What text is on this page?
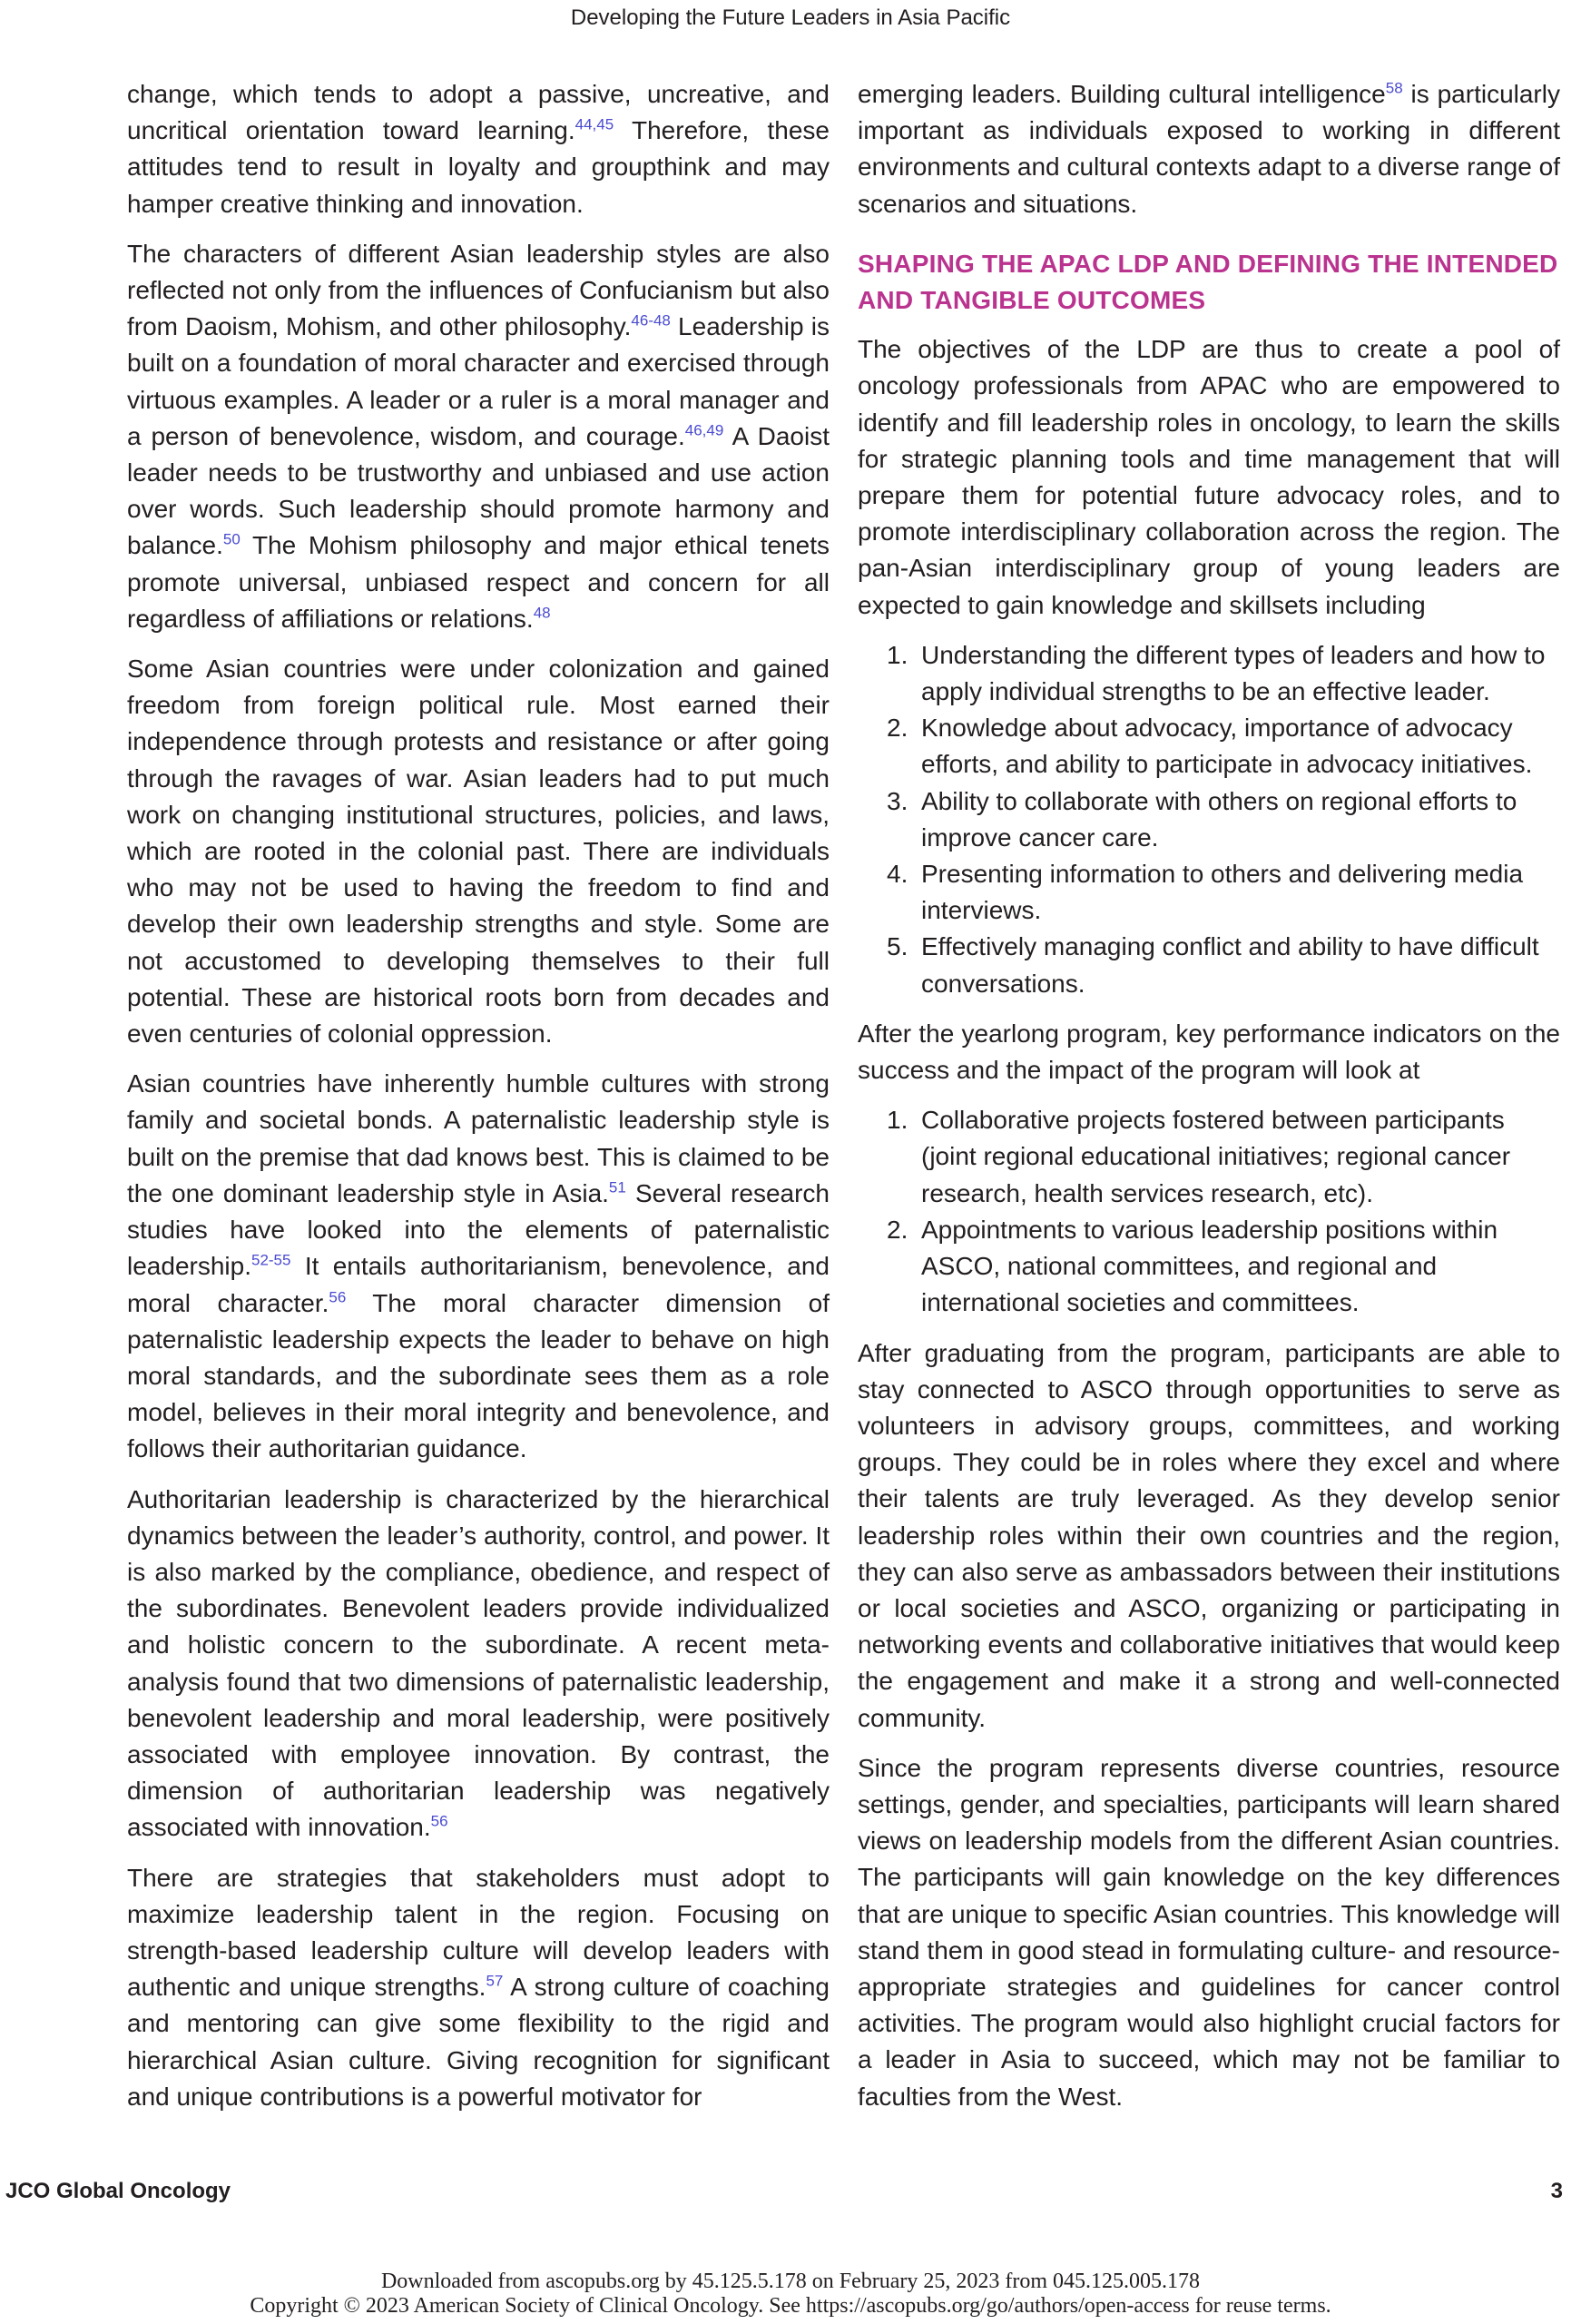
Developing the Future Leaders in Asia Pacific

change, which tends to adopt a passive, uncreative, and uncritical orientation toward learning.$^{44,45}$ Therefore, these attitudes tend to result in loyalty and groupthink and may hamper creative thinking and innovation.

The characters of different Asian leadership styles are also reflected not only from the influences of Confucianism but also from Daoism, Mohism, and other philosophy.$^{46-48}$ Leadership is built on a foundation of moral character and exercised through virtuous examples. A leader or a ruler is a moral manager and a person of benevolence, wisdom, and courage.$^{46,49}$ A Daoist leader needs to be trustworthy and unbiased and use action over words. Such leadership should promote harmony and balance.$^{50}$ The Mohism philosophy and major ethical tenets promote universal, unbiased respect and concern for all regardless of affiliations or relations.$^{48}$

Some Asian countries were under colonization and gained freedom from foreign political rule. Most earned their independence through protests and resistance or after going through the ravages of war. Asian leaders had to put much work on changing institutional structures, policies, and laws, which are rooted in the colonial past. There are individuals who may not be used to having the freedom to find and develop their own leadership strengths and style. Some are not accustomed to developing themselves to their full potential. These are historical roots born from decades and even centuries of colonial oppression.

Asian countries have inherently humble cultures with strong family and societal bonds. A paternalistic leadership style is built on the premise that dad knows best. This is claimed to be the one dominant leadership style in Asia.$^{51}$ Several research studies have looked into the elements of paternalistic leadership.$^{52-55}$ It entails authoritarianism, benevolence, and moral character.$^{56}$ The moral character dimension of paternalistic leadership expects the leader to behave on high moral standards, and the subordinate sees them as a role model, believes in their moral integrity and benevolence, and follows their authoritarian guidance.

Authoritarian leadership is characterized by the hierarchical dynamics between the leader’s authority, control, and power. It is also marked by the compliance, obedience, and respect of the subordinates. Benevolent leaders provide individualized and holistic concern to the subordinate. A recent meta-analysis found that two dimensions of paternalistic leadership, benevolent leadership and moral leadership, were positively associated with employee innovation. By contrast, the dimension of authoritarian leadership was negatively associated with innovation.$^{56}$

There are strategies that stakeholders must adopt to maximize leadership talent in the region. Focusing on strength-based leadership culture will develop leaders with authentic and unique strengths.$^{57}$ A strong culture of coaching and mentoring can give some flexibility to the rigid and hierarchical Asian culture. Giving recognition for significant and unique contributions is a powerful motivator for

emerging leaders. Building cultural intelligence$^{58}$ is particularly important as individuals exposed to working in different environments and cultural contexts adapt to a diverse range of scenarios and situations.

SHAPING THE APAC LDP AND DEFINING THE INTENDED AND TANGIBLE OUTCOMES

The objectives of the LDP are thus to create a pool of oncology professionals from APAC who are empowered to identify and fill leadership roles in oncology, to learn the skills for strategic planning tools and time management that will prepare them for potential future advocacy roles, and to promote interdisciplinary collaboration across the region. The pan-Asian interdisciplinary group of young leaders are expected to gain knowledge and skillsets including

1. Understanding the different types of leaders and how to apply individual strengths to be an effective leader.
2. Knowledge about advocacy, importance of advocacy efforts, and ability to participate in advocacy initiatives.
3. Ability to collaborate with others on regional efforts to improve cancer care.
4. Presenting information to others and delivering media interviews.
5. Effectively managing conflict and ability to have difficult conversations.

After the yearlong program, key performance indicators on the success and the impact of the program will look at

1. Collaborative projects fostered between participants (joint regional educational initiatives; regional cancer research, health services research, etc).
2. Appointments to various leadership positions within ASCO, national committees, and regional and international societies and committees.

After graduating from the program, participants are able to stay connected to ASCO through opportunities to serve as volunteers in advisory groups, committees, and working groups. They could be in roles where they excel and where their talents are truly leveraged. As they develop senior leadership roles within their own countries and the region, they can also serve as ambassadors between their institutions or local societies and ASCO, organizing or participating in networking events and collaborative initiatives that would keep the engagement and make it a strong and well-connected community.

Since the program represents diverse countries, resource settings, gender, and specialties, participants will learn shared views on leadership models from the different Asian countries. The participants will gain knowledge on the key differences that are unique to specific Asian countries. This knowledge will stand them in good stead in formulating culture- and resource-appropriate strategies and guidelines for cancer control activities. The program would also highlight crucial factors for a leader in Asia to succeed, which may not be familiar to faculties from the West.

JCO Global Oncology	3
Downloaded from ascopubs.org by 45.125.5.178 on February 25, 2023 from 045.125.005.178
Copyright © 2023 American Society of Clinical Oncology. See https://ascopubs.org/go/authors/open-access for reuse terms.
